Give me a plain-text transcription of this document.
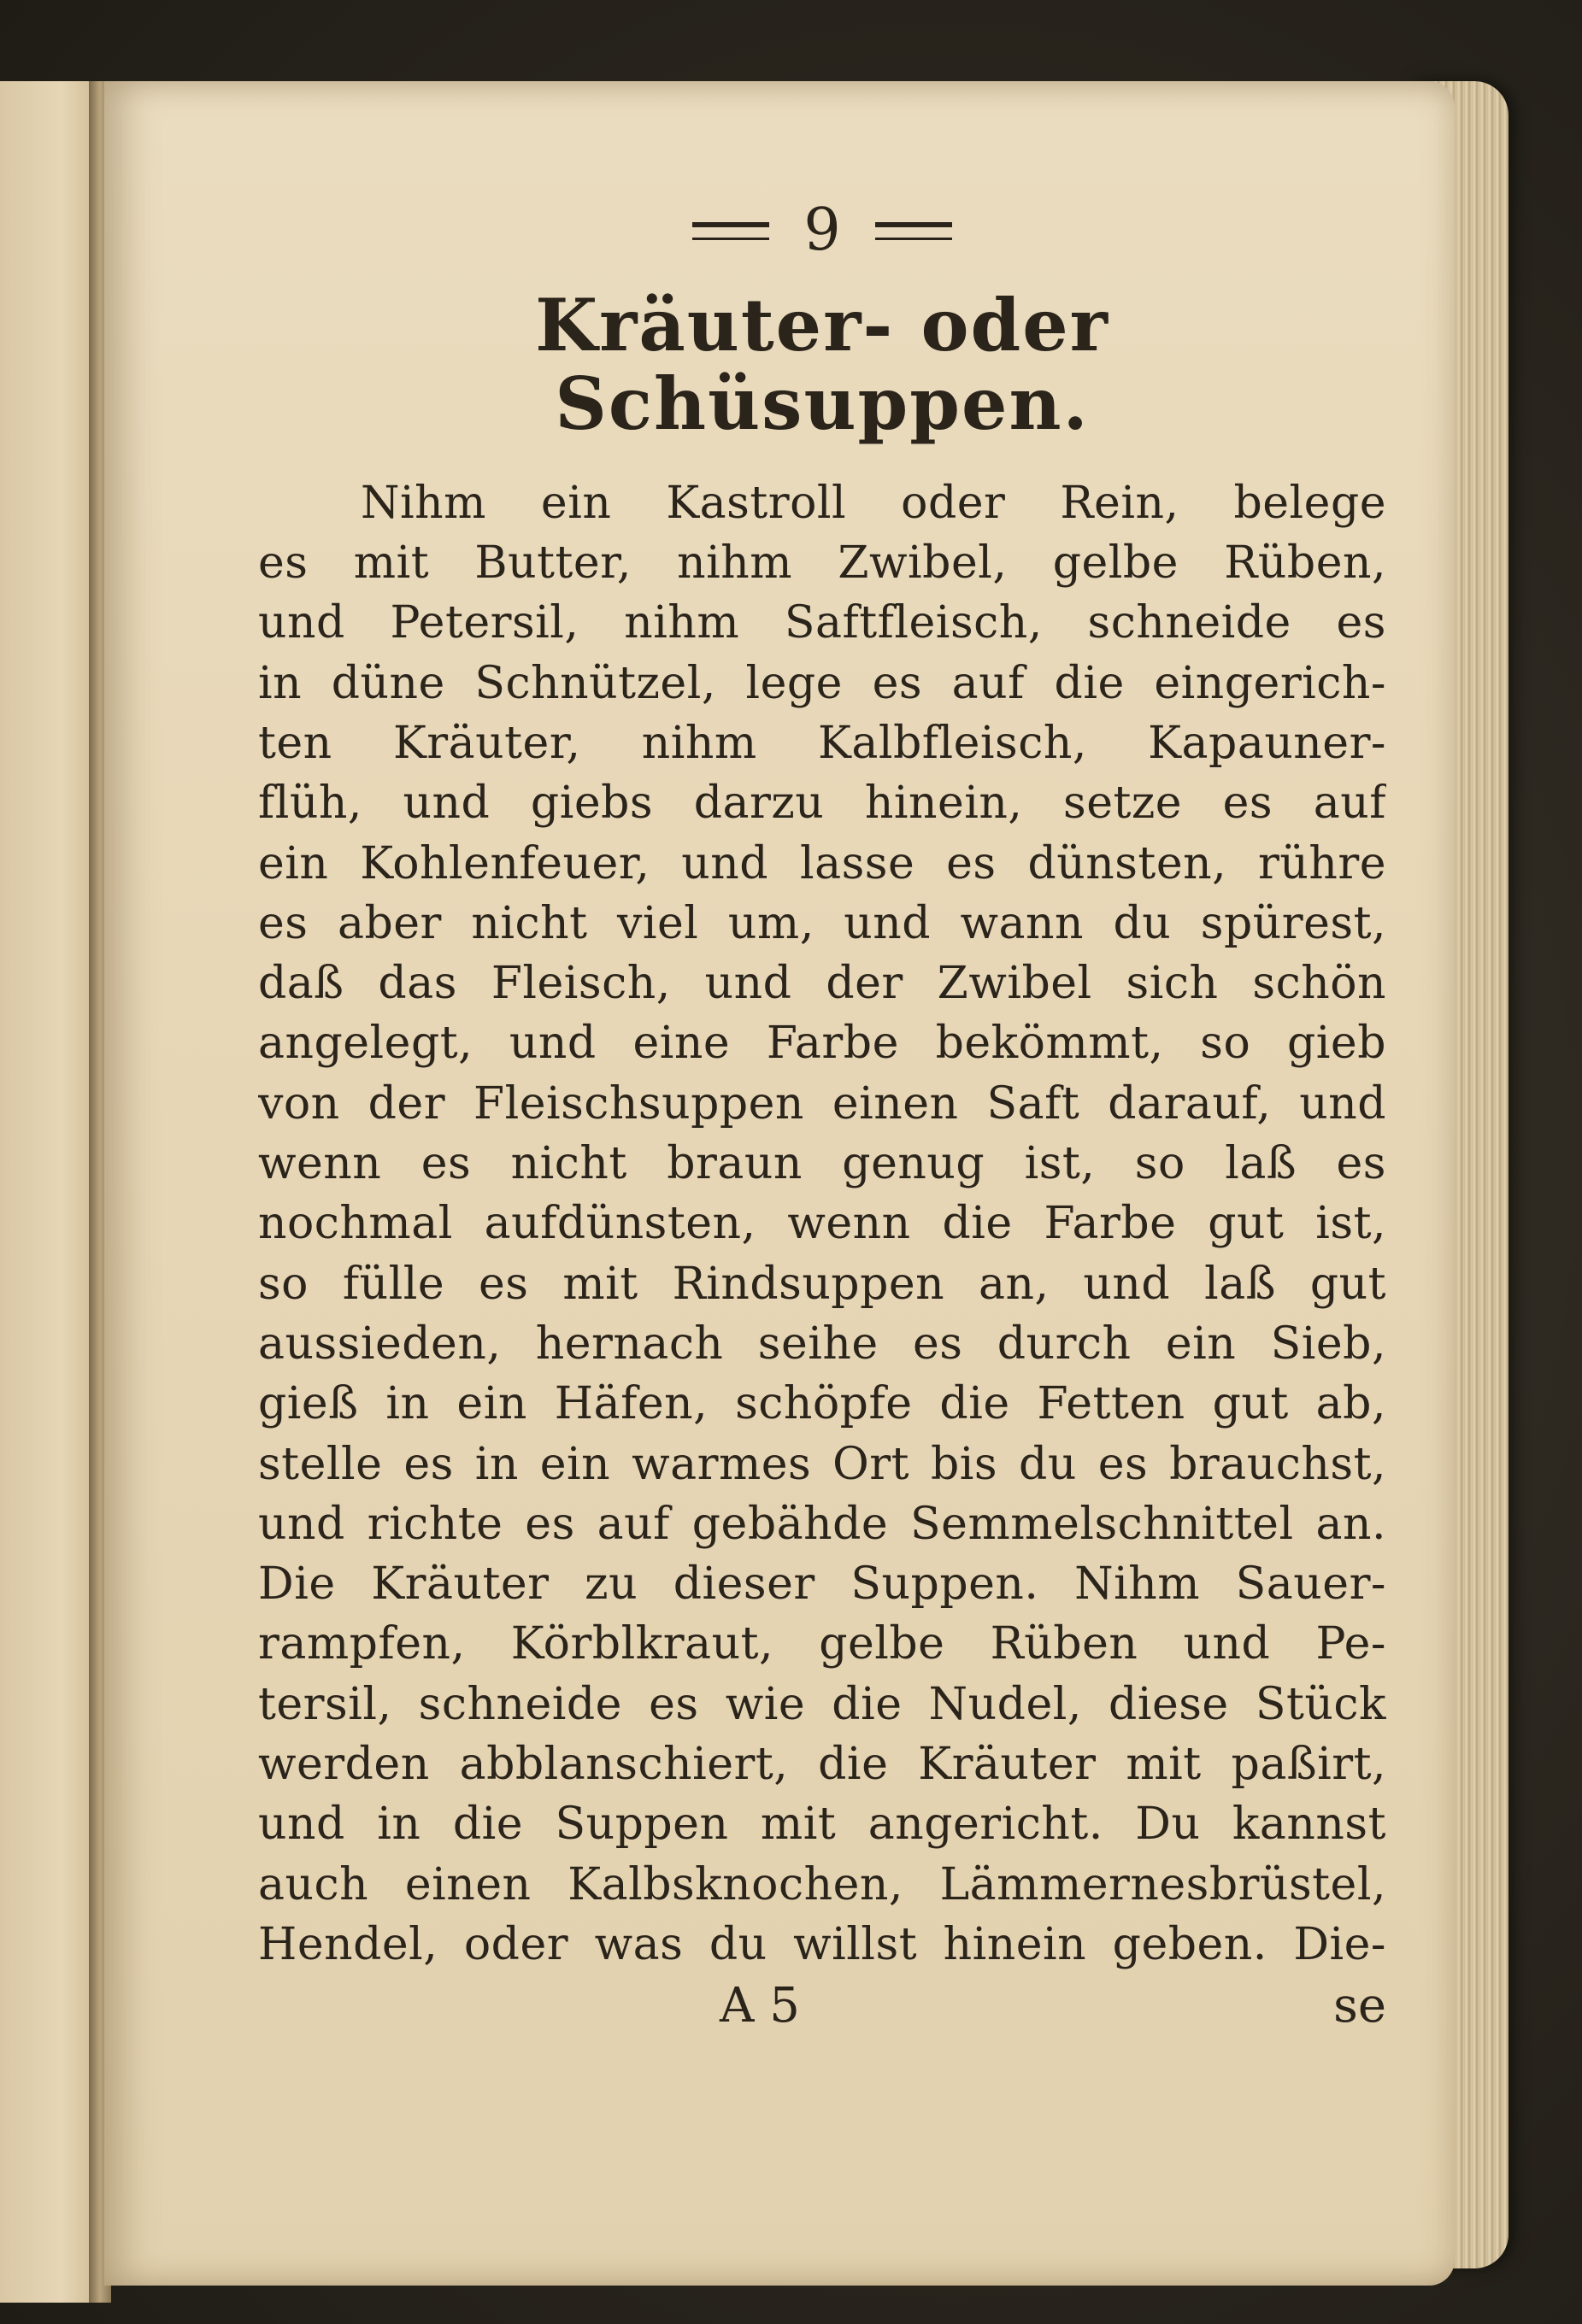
9
Kräuter- oder Schüsuppen.
Nihm ein Kastroll oder Rein, belege
es mit Butter, nihm Zwibel, gelbe Rüben,
und Petersil, nihm Saftfleisch, schneide es
in düne Schnützel, lege es auf die eingerich-
ten Kräuter, nihm Kalbfleisch, Kapauner-
flüh, und giebs darzu hinein, setze es auf
ein Kohlenfeuer, und lasse es dünsten, rühre
es aber nicht viel um, und wann du spürest,
daß das Fleisch, und der Zwibel sich schön
angelegt, und eine Farbe bekömmt, so gieb
von der Fleischsuppen einen Saft darauf, und
wenn es nicht braun genug ist, so laß es
nochmal aufdünsten, wenn die Farbe gut ist,
so fülle es mit Rindsuppen an, und laß gut
aussieden, hernach seihe es durch ein Sieb,
gieß in ein Häfen, schöpfe die Fetten gut ab,
stelle es in ein warmes Ort bis du es brauchst,
und richte es auf gebähde Semmelschnittel an.
Die Kräuter zu dieser Suppen. Nihm Sauer-
rampfen, Körblkraut, gelbe Rüben und Pe-
tersil, schneide es wie die Nudel, diese Stück
werden abblanschiert, die Kräuter mit paßirt,
und in die Suppen mit angericht. Du kannst
auch einen Kalbsknochen, Lämmernesbrüstel,
Hendel, oder was du willst hinein geben. Die-
A 5	se
